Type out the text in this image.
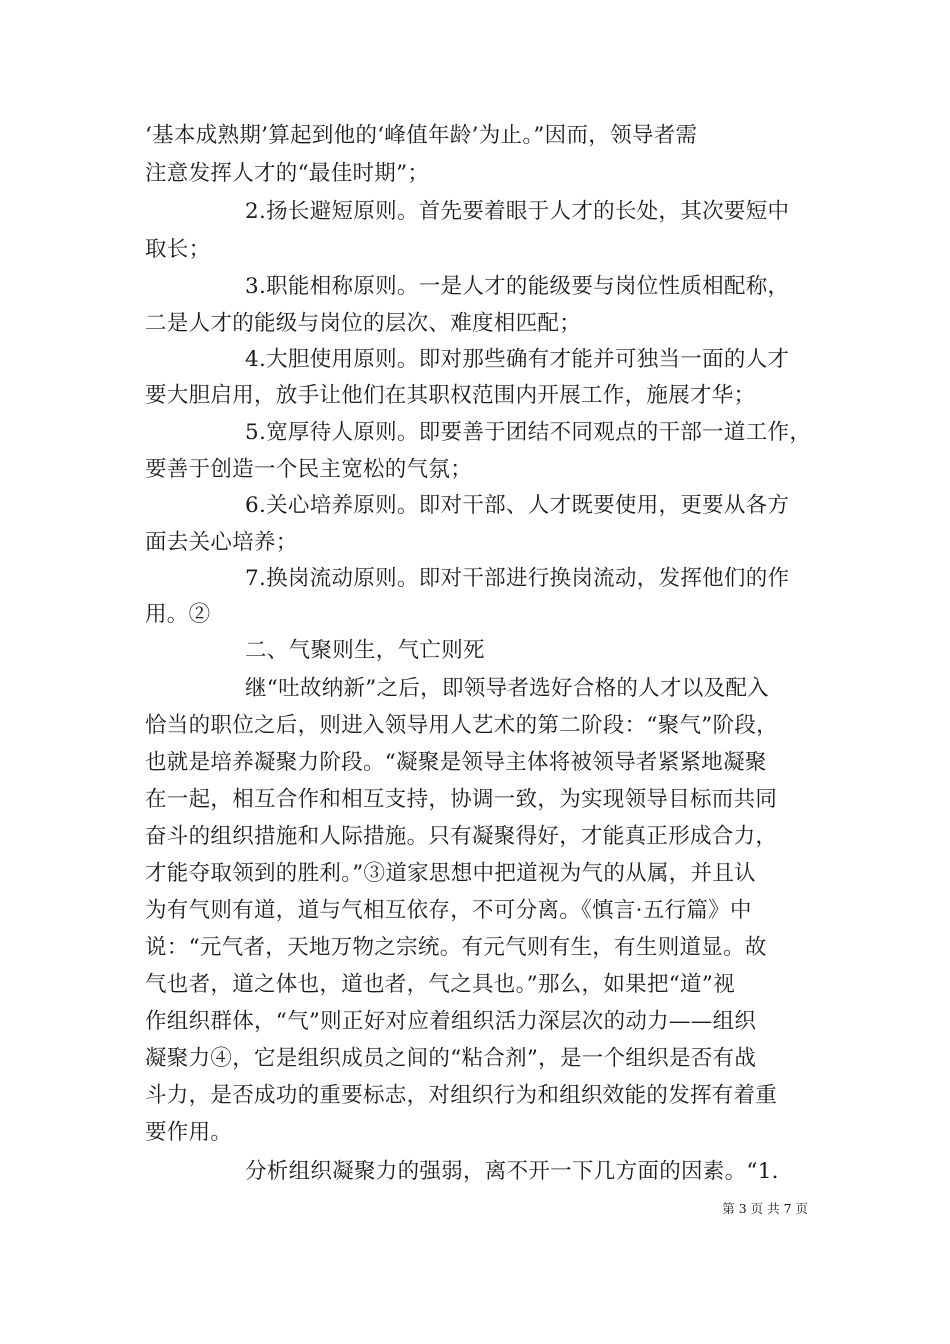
‘基本成熟期’算起到他的‘峰值年龄’为止。”因而，领导者需
注意发挥人才的“最佳时期”；
2.扬长避短原则。首先要着眼于人才的长处，其次要短中
取长；
3.职能相称原则。一是人才的能级要与岗位性质相配称，
二是人才的能级与岗位的层次、难度相匹配；
4.大胆使用原则。即对那些确有才能并可独当一面的人才
要大胆启用，放手让他们在其职权范围内开展工作，施展才华；
5.宽厚待人原则。即要善于团结不同观点的干部一道工作，
要善于创造一个民主宽松的气氛；
6.关心培养原则。即对干部、人才既要使用，更要从各方
面去关心培养；
7.换岗流动原则。即对干部进行换岗流动，发挥他们的作
用。②
二、气聚则生，气亡则死
继“吐故纳新”之后，即领导者选好合格的人才以及配入
恰当的职位之后，则进入领导用人艺术的第二阶段：“聚气”阶段，
也就是培养凝聚力阶段。“凝聚是领导主体将被领导者紧紧地凝聚
在一起，相互合作和相互支持，协调一致，为实现领导目标而共同
奋斗的组织措施和人际措施。只有凝聚得好，才能真正形成合力，
才能夺取领到的胜利。”③道家思想中把道视为气的从属，并且认
为有气则有道，道与气相互依存，不可分离。《慎言·五行篇》中
说：“元气者，天地万物之宗统。有元气则有生，有生则道显。故
气也者，道之体也，道也者，气之具也。”那么，如果把“道”视
作组织群体，“气”则正好对应着组织活力深层次的动力——组织
凝聚力④，它是组织成员之间的“粘合剂”，是一个组织是否有战
斗力，是否成功的重要标志，对组织行为和组织效能的发挥有着重
要作用。
分析组织凝聚力的强弱，离不开一下几方面的因素。“1.
第 3 页 共 7 页
